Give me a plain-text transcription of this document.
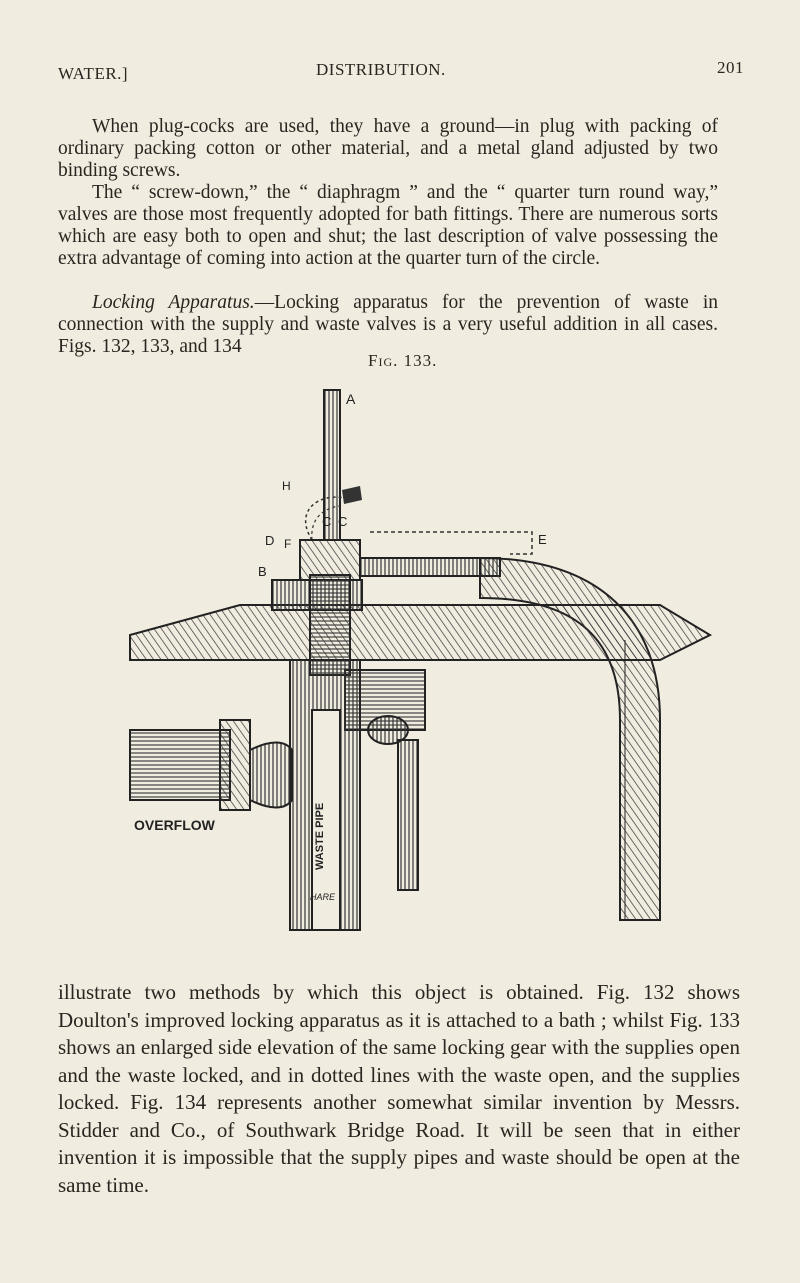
WATER.]	DISTRIBUTION.	201

When plug-cocks are used, they have a ground—in plug with packing of ordinary packing cotton or other material, and a metal gland adjusted by two binding screws.

The “ screw-down,” the “ diaphragm ” and the “ quarter turn round way,” valves are those most frequently adopted for bath fittings. There are numerous sorts which are easy both to open and shut; the last description of valve possessing the extra advantage of coming into action at the quarter turn of the circle.

Locking Apparatus.—Locking apparatus for the prevention of waste in connection with the supply and waste valves is a very useful addition in all cases. Figs. 132, 133, and 134

Fig. 133.
A
H
C C
D F
B
E
OVERFLOW	WASTE PIPE
HARE

illustrate two methods by which this object is obtained. Fig. 132 shows Doulton's improved locking apparatus as it is attached to a bath ; whilst Fig. 133 shows an enlarged side elevation of the same locking gear with the supplies open and the waste locked, and in dotted lines with the waste open, and the supplies locked. Fig. 134 represents another somewhat similar invention by Messrs. Stidder and Co., of Southwark Bridge Road. It will be seen that in either invention it is impossible that the supply pipes and waste should be open at the same time.
